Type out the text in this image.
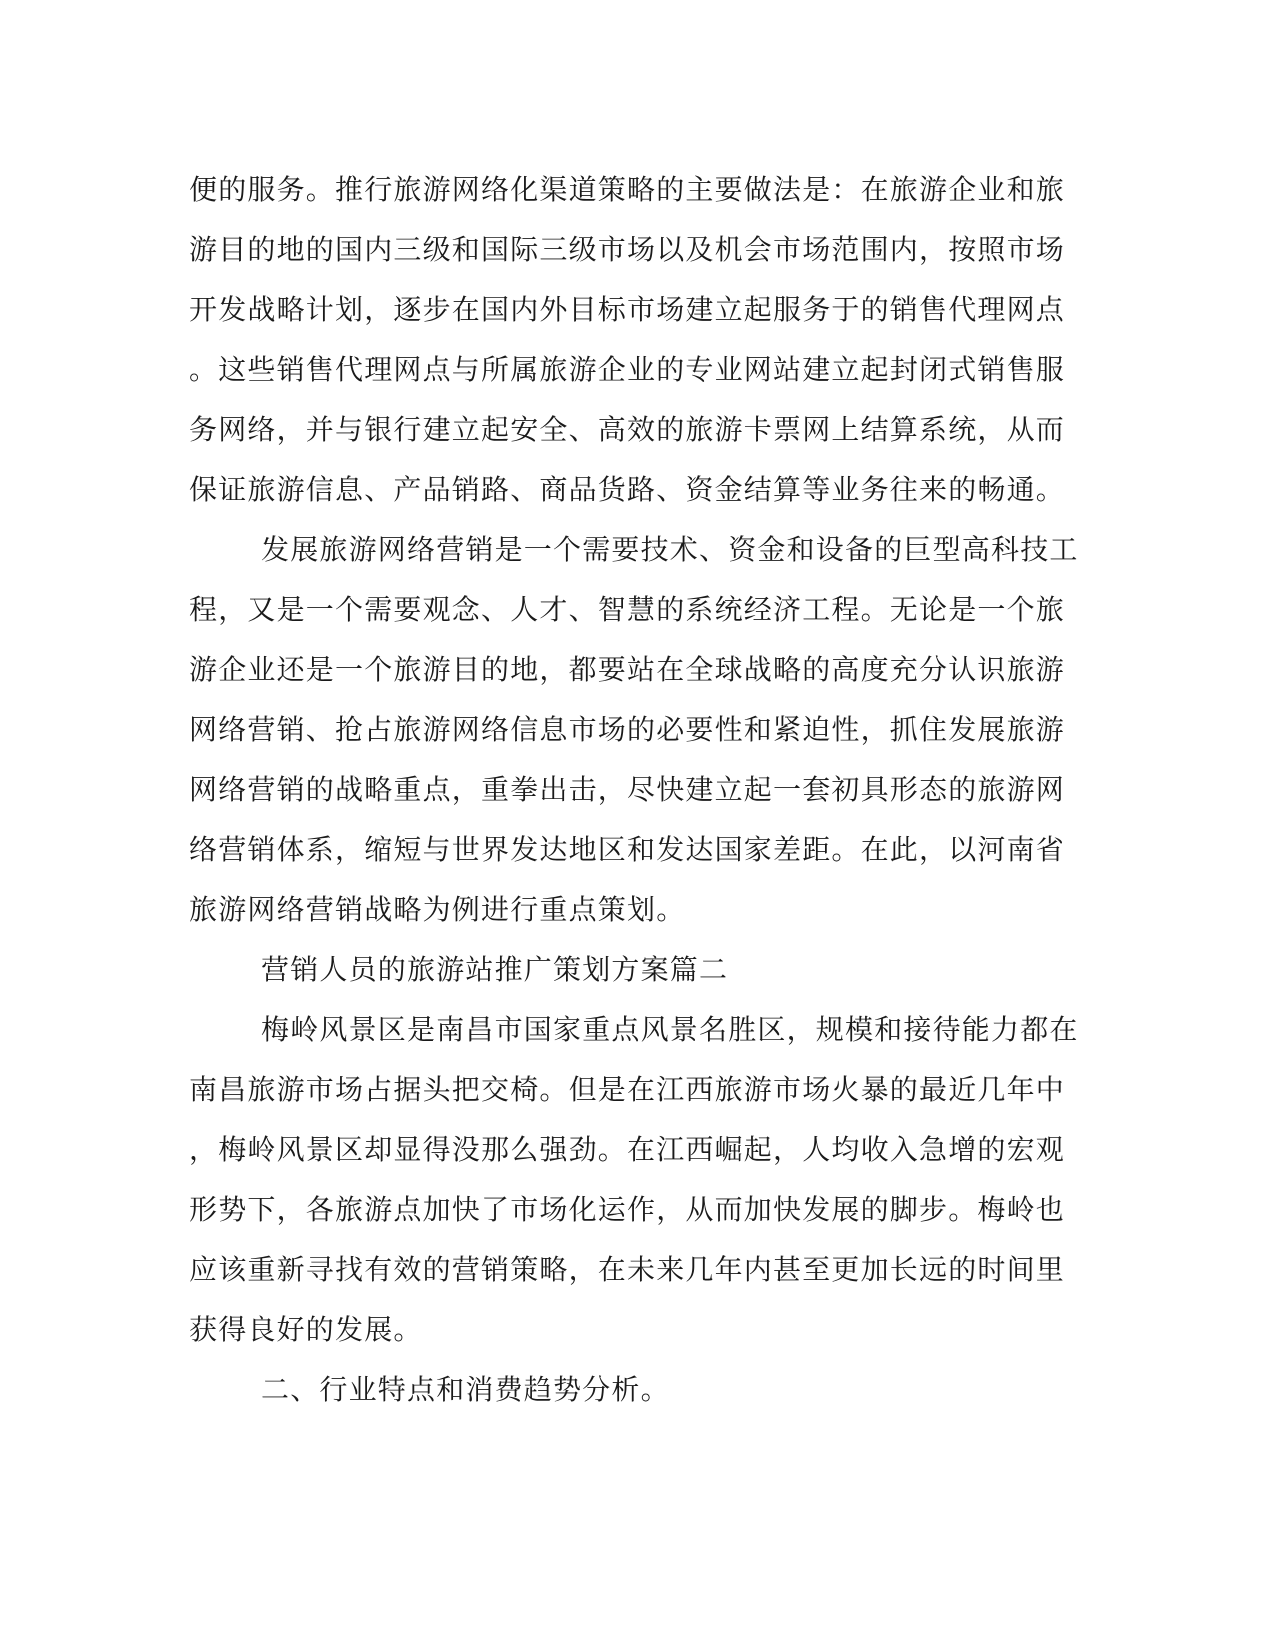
便的服务。推行旅游网络化渠道策略的主要做法是：在旅游企业和旅
游目的地的国内三级和国际三级市场以及机会市场范围内，按照市场
开发战略计划，逐步在国内外目标市场建立起服务于的销售代理网点
。这些销售代理网点与所属旅游企业的专业网站建立起封闭式销售服
务网络，并与银行建立起安全、高效的旅游卡票网上结算系统，从而
保证旅游信息、产品销路、商品货路、资金结算等业务往来的畅通。
发展旅游网络营销是一个需要技术、资金和设备的巨型高科技工
程，又是一个需要观念、人才、智慧的系统经济工程。无论是一个旅
游企业还是一个旅游目的地，都要站在全球战略的高度充分认识旅游
网络营销、抢占旅游网络信息市场的必要性和紧迫性，抓住发展旅游
网络营销的战略重点，重拳出击，尽快建立起一套初具形态的旅游网
络营销体系，缩短与世界发达地区和发达国家差距。在此，以河南省
旅游网络营销战略为例进行重点策划。
营销人员的旅游站推广策划方案篇二
梅岭风景区是南昌市国家重点风景名胜区，规模和接待能力都在
南昌旅游市场占据头把交椅。但是在江西旅游市场火暴的最近几年中
，梅岭风景区却显得没那么强劲。在江西崛起，人均收入急增的宏观
形势下，各旅游点加快了市场化运作，从而加快发展的脚步。梅岭也
应该重新寻找有效的营销策略，在未来几年内甚至更加长远的时间里
获得良好的发展。
二、行业特点和消费趋势分析。
